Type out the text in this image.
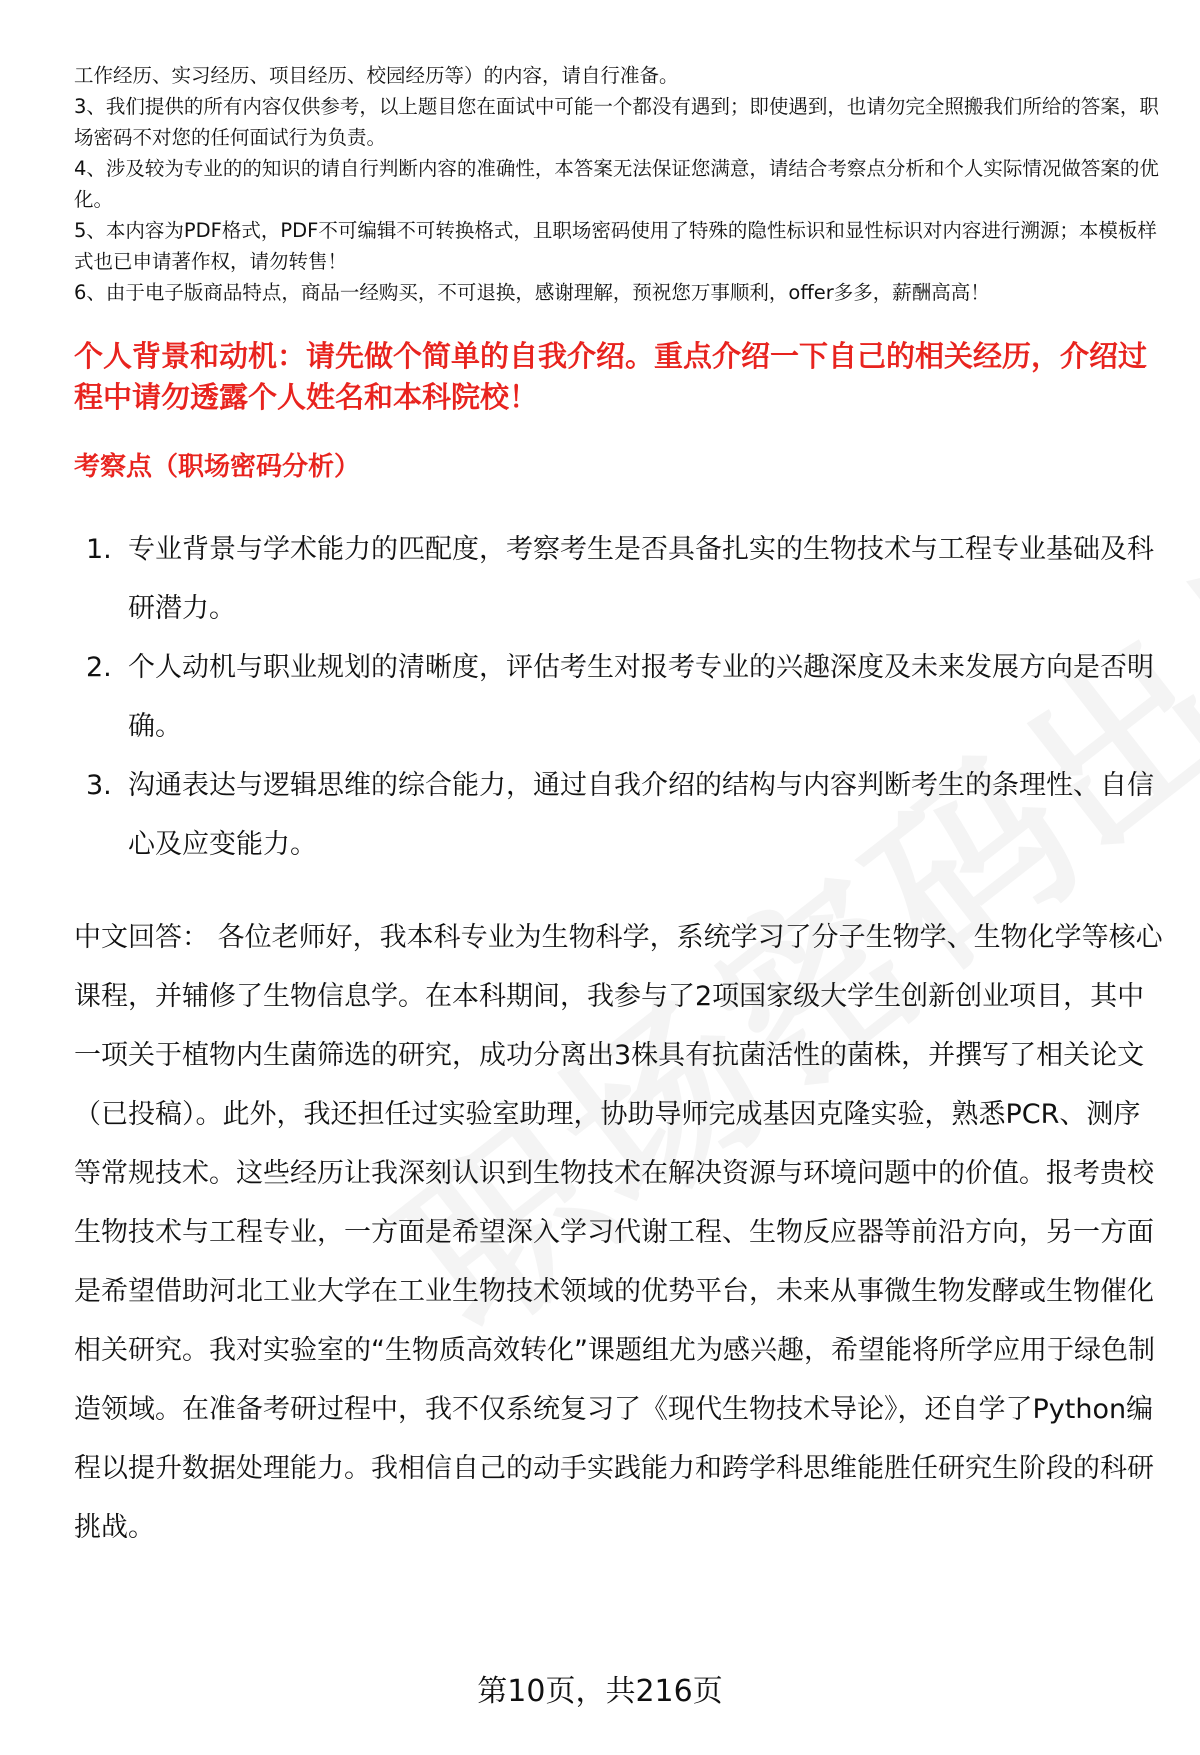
工作经历、实习经历、项目经历、校园经历等）的内容，请自行准备。

3、我们提供的所有内容仅供参考，以上题目您在面试中可能一个都没有遇到；即使遇到，也请勿完全照搬我们所给的答案，职场密码不对您的任何面试行为负责。

4、涉及较为专业的的知识的请自行判断内容的准确性，本答案无法保证您满意，请结合考察点分析和个人实际情况做答案的优化。

5、本内容为PDF格式，PDF不可编辑不可转换格式，且职场密码使用了特殊的隐性标识和显性标识对内容进行溯源；本模板样式也已申请著作权，请勿转售！

6、由于电子版商品特点，商品一经购买，不可退换，感谢理解，预祝您万事顺利，offer多多，薪酬高高！

个人背景和动机：请先做个简单的自我介绍。重点介绍一下自己的相关经历，介绍过程中请勿透露个人姓名和本科院校！
考察点（职场密码分析）
1. 专业背景与学术能力的匹配度，考察考生是否具备扎实的生物技术与工程专业基础及科研潜力。
2. 个人动机与职业规划的清晰度，评估考生对报考专业的兴趣深度及未来发展方向是否明确。
3. 沟通表达与逻辑思维的综合能力，通过自我介绍的结构与内容判断考生的条理性、自信心及应变能力。

中文回答： 各位老师好，我本科专业为生物科学，系统学习了分子生物学、生物化学等核心课程，并辅修了生物信息学。在本科期间，我参与了2项国家级大学生创新创业项目，其中一项关于植物内生菌筛选的研究，成功分离出3株具有抗菌活性的菌株，并撰写了相关论文（已投稿）。此外，我还担任过实验室助理，协助导师完成基因克隆实验，熟悉PCR、测序等常规技术。这些经历让我深刻认识到生物技术在解决资源与环境问题中的价值。报考贵校生物技术与工程专业，一方面是希望深入学习代谢工程、生物反应器等前沿方向，另一方面是希望借助河北工业大学在工业生物技术领域的优势平台，未来从事微生物发酵或生物催化相关研究。我对实验室的“生物质高效转化”课题组尤为感兴趣，希望能将所学应用于绿色制造领域。在准备考研过程中，我不仅系统复习了《现代生物技术导论》，还自学了Python编程以提升数据处理能力。我相信自己的动手实践能力和跨学科思维能胜任研究生阶段的科研挑战。

第10页，共216页
